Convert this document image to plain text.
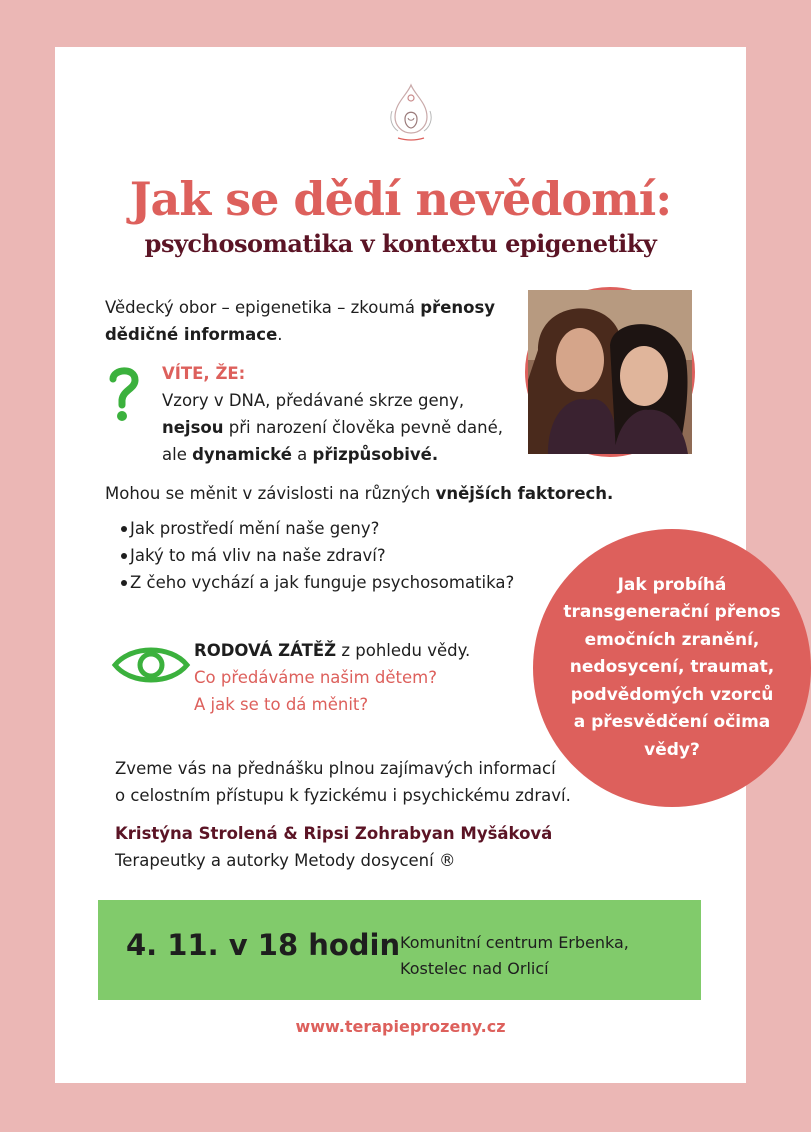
Jak se dědí nevědomí:
psychosomatika v kontextu epigenetiky
Vědecký obor – epigenetika – zkoumá přenosy dědičné informace.
VÍTE, ŽE:
Vzory v DNA, předávané skrze geny,
nejsou při narození člověka pevně dané,
ale dynamické a přizpůsobivé.
Mohou se měnit v závislosti na různých vnějších faktorech.
Jak prostředí mění naše geny?
Jaký to má vliv na naše zdraví?
Z čeho vychází a jak funguje psychosomatika?
RODOVÁ ZÁTĚŽ z pohledu vědy.
Co předáváme našim dětem?
A jak se to dá měnit?
Zveme vás na přednášku plnou zajímavých informací
o celostním přístupu k fyzickému i psychickému zdraví.
Kristýna Strolená & Ripsi Zohrabyan Myšáková
Terapeutky a autorky Metody dosycení ®
Jak probíhá
transgenerační přenos
emočních zranění,
nedosycení, traumat,
podvědomých vzorců
a přesvědčení očima
vědy?
4. 11. v 18 hodin Komunitní centrum Erbenka,
Kostelec nad Orlicí
www.terapieprozeny.cz
